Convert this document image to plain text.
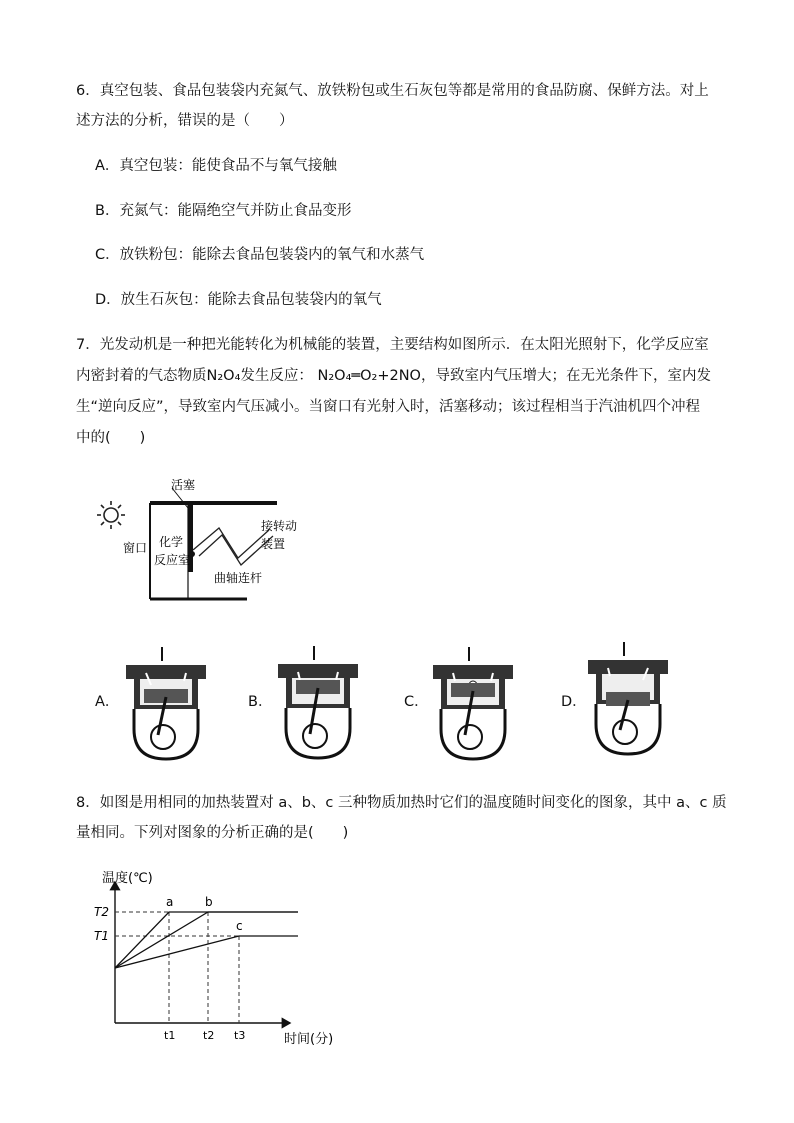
6．真空包装、食品包装袋内充氮气、放铁粉包或生石灰包等都是常用的食品防腐、保鲜方法。对上
述方法的分析，错误的是（　　）
A．真空包装：能使食品不与氧气接触
B．充氮气：能隔绝空气并防止食品变形
C．放铁粉包：能除去食品包装袋内的氧气和水蒸气
D．放生石灰包：能除去食品包装袋内的氧气
7．光发动机是一种把光能转化为机械能的装置，主要结构如图所示．在太阳光照射下，化学反应室
内密封着的气态物质N₂O₄发生反应： N₂O₄═O₂+2NO，导致室内气压增大；在无光条件下，室内发
生“逆向反应”，导致室内气压减小。当窗口有光射入时，活塞移动；该过程相当于汽油机四个冲程
中的(　　)
活塞
窗口 化学
反应室
接转动
装置
曲轴连杆
A．	B．	C．	D．
8．如图是用相同的加热装置对 a、b、c 三种物质加热时它们的温度随时间变化的图象，其中 a、c 质
量相同。下列对图象的分析正确的是(　　)
温度(℃)
时间(分)
a	b
c
T2
T1
t1	t2 t3
